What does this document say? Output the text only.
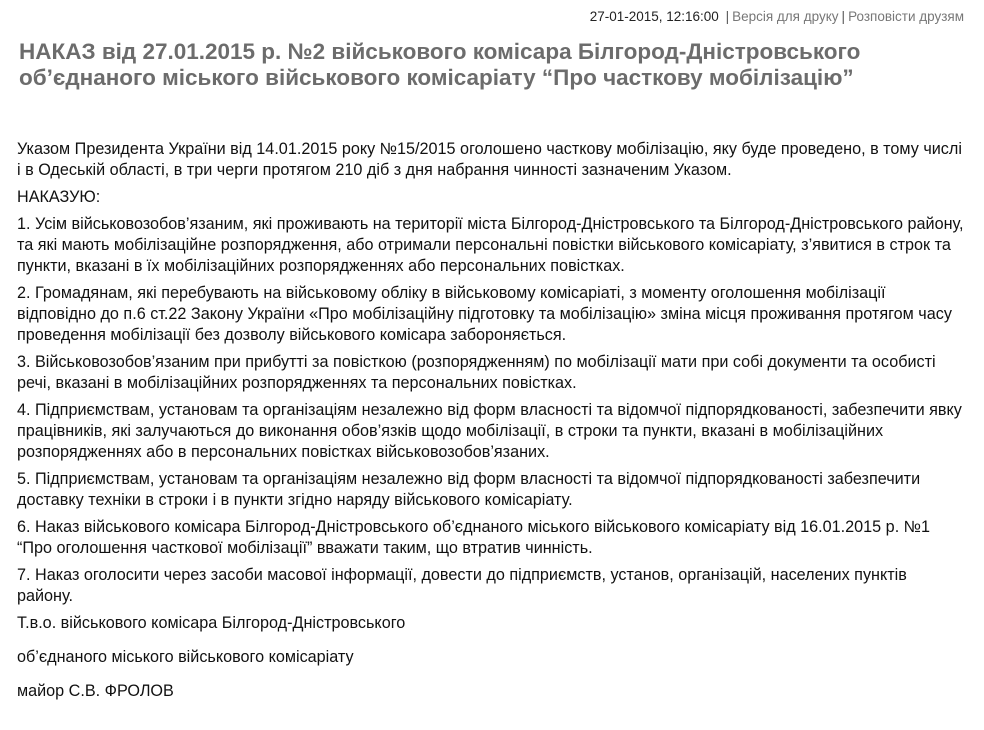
27-01-2015, 12:16:00 | Версія для друку | Розповісти друзям
НАКАЗ від 27.01.2015 р. №2 військового комісара Білгород-Дністровського об’єднаного міського військового комісаріату “Про часткову мобілізацію”

Указом Президента України від 14.01.2015 року №15/2015 оголошено часткову мобілізацію, яку буде проведено, в тому числі і в Одеській області, в три черги протягом 210 діб з дня набрання чинності зазначеним Указом.

НАКАЗУЮ:

1. Усім військовозобов’язаним, які проживають на території міста Білгород-Дністровського та Білгород-Дністровського району, та які мають мобілізаційне розпорядження, або отримали персональні повістки військового комісаріату, з’явитися в строк та пункти, вказані в їх мобілізаційних розпорядженнях або персональних повістках.

2. Громадянам, які перебувають на військовому обліку в військовому комісаріаті, з моменту оголошення мобілізації відповідно до п.6 ст.22 Закону України «Про мобілізаційну підготовку та мобілізацію» зміна місця проживання протягом часу проведення мобілізації без дозволу військового комісара забороняється.

3. Військовозобов’язаним при прибутті за повісткою (розпорядженням) по мобілізації мати при собі документи та особисті речі, вказані в мобілізаційних розпорядженнях та персональних повістках.

4. Підприємствам, установам та організаціям незалежно від форм власності та відомчої підпорядкованості, забезпечити явку працівників, які залучаються до виконання обов’язків щодо мобілізації, в строки та пункти, вказані в мобілізаційних розпорядженнях або в персональних повістках військовозобов’язаних.

5. Підприємствам, установам та організаціям незалежно від форм власності та відомчої підпорядкованості забезпечити доставку техніки в строки і в пункти згідно наряду військового комісаріату.

6. Наказ військового комісара Білгород-Дністровського об’єднаного міського військового комісаріату від 16.01.2015 р. №1 “Про оголошення часткової мобілізації” вважати таким, що втратив чинність.

7. Наказ оголосити через засоби масової інформації, довести до підприємств, установ, організацій, населених пунктів району.

Т.в.о. військового комісара Білгород-Дністровського

об’єднаного міського військового комісаріату

майор С.В. ФРОЛОВ
